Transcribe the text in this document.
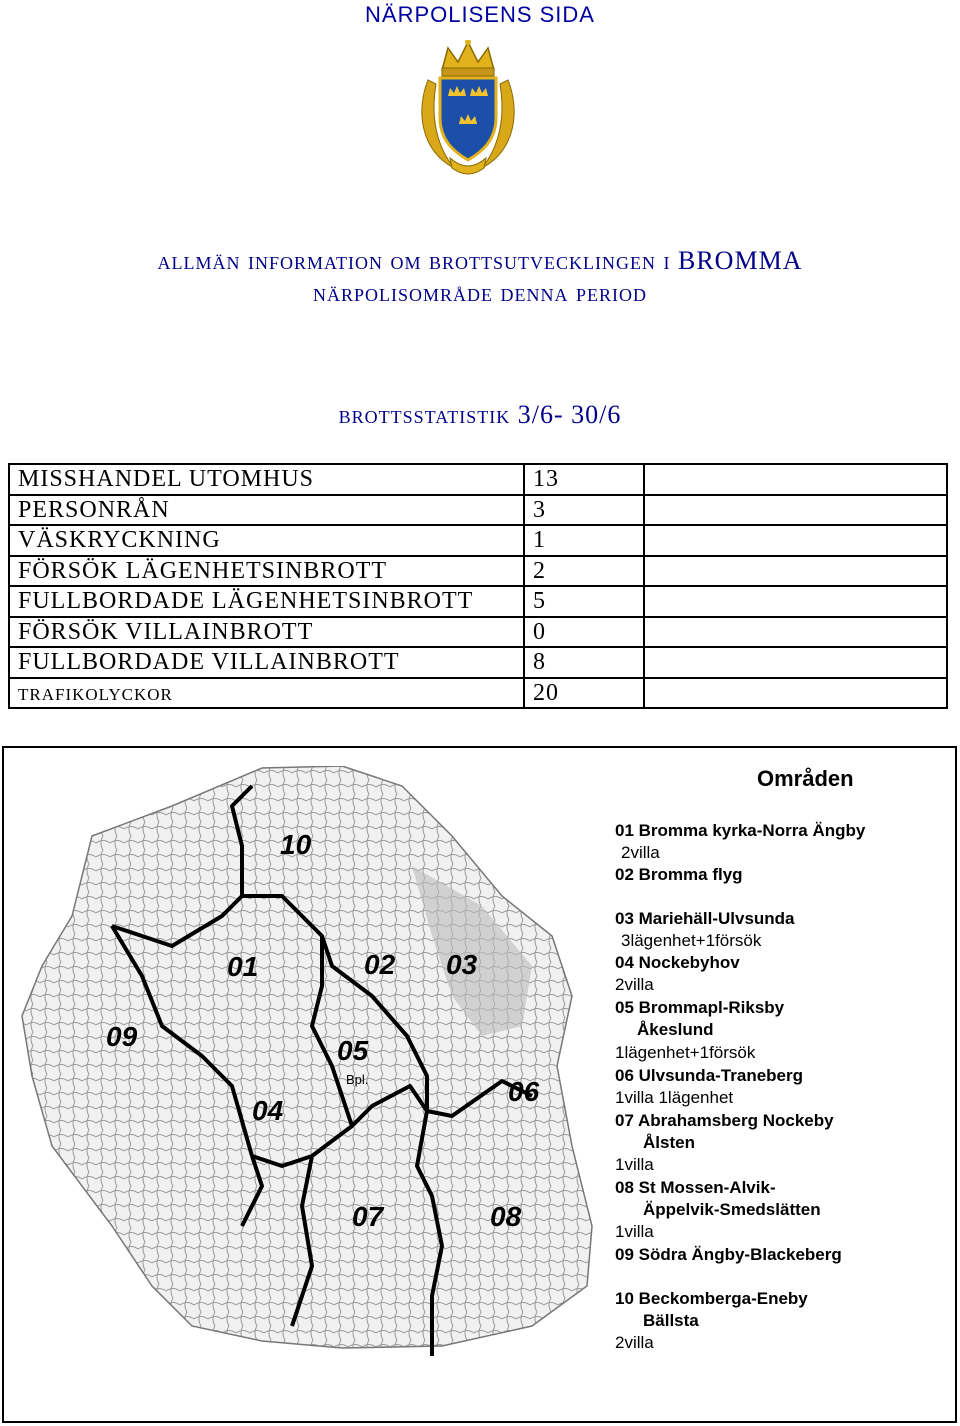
NÄRPOLISENS SIDA
allmän information om brottsutvecklingen i BROMMA
närpolisområde denna period
brottsstatistik 3/6- 30/6
MISSHANDEL UTOMHUS	13	
PERSONRÅN	3	
VÄSKRYCKNING	1	
FÖRSÖK LÄGENHETSINBROTT	2	
FULLBORDADE LÄGENHETSINBROTT	5	
FÖRSÖK VILLAINBROTT	0	
FULLBORDADE VILLAINBROTT	8	
trafikolyckor	20	
10
01	02 03
09	05
04
06
07	08
Bpl.
Områden
01 Bromma kyrka-Norra Ängby
2villa
02 Bromma flyg
03 Mariehäll-Ulvsunda
3lägenhet+1försök
04 Nockebyhov
2villa
05 Brommapl-Riksby
Åkeslund
1lägenhet+1försök
06 Ulvsunda-Traneberg
1villa 1lägenhet
07 Abrahamsberg Nockeby
Ålsten
1villa
08 St Mossen-Alvik-
Äppelvik-Smedslätten
1villa
09 Södra Ängby-Blackeberg
10 Beckomberga-Eneby
Bällsta
2villa
